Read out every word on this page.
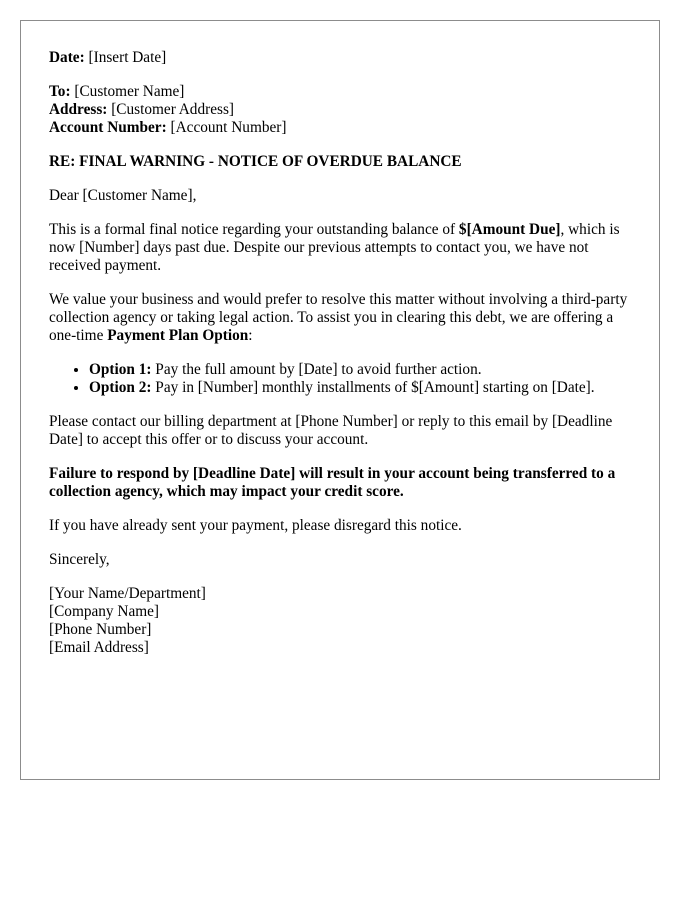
Date: [Insert Date]
To: [Customer Name]
Address: [Customer Address]
Account Number: [Account Number]
RE: FINAL WARNING - NOTICE OF OVERDUE BALANCE
Dear [Customer Name],
This is a formal final notice regarding your outstanding balance of $[Amount Due], which is now [Number] days past due. Despite our previous attempts to contact you, we have not received payment.
We value your business and would prefer to resolve this matter without involving a third-party collection agency or taking legal action. To assist you in clearing this debt, we are offering a one-time Payment Plan Option:
• Option 1: Pay the full amount by [Date] to avoid further action.
• Option 2: Pay in [Number] monthly installments of $[Amount] starting on [Date].
Please contact our billing department at [Phone Number] or reply to this email by [Deadline Date] to accept this offer or to discuss your account.
Failure to respond by [Deadline Date] will result in your account being transferred to a collection agency, which may impact your credit score.
If you have already sent your payment, please disregard this notice.
Sincerely,
[Your Name/Department]
[Company Name]
[Phone Number]
[Email Address]
